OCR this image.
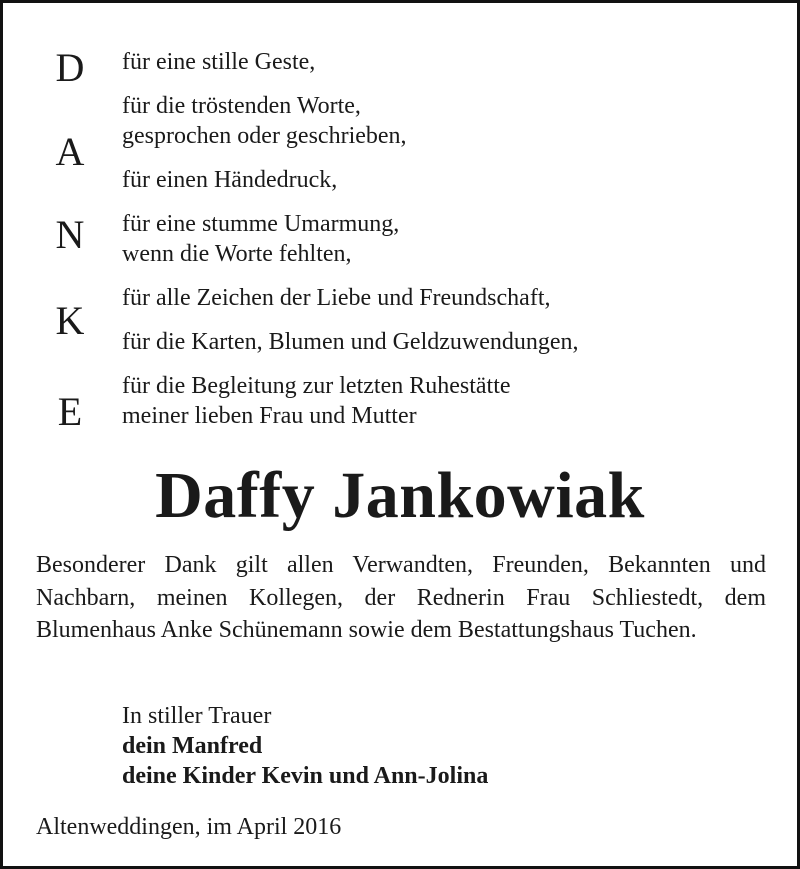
D
A
N
K
E
für eine stille Geste,
für die tröstenden Worte,
gesprochen oder geschrieben,
für einen Händedruck,
für eine stumme Umarmung,
wenn die Worte fehlten,
für alle Zeichen der Liebe und Freundschaft,
für die Karten, Blumen und Geldzuwendungen,
für die Begleitung zur letzten Ruhestätte
meiner lieben Frau und Mutter
Daffy Jankowiak
Besonderer Dank gilt allen Verwandten, Freunden, Bekannten und Nachbarn, meinen Kollegen, der Rednerin Frau Schliestedt, dem Blumenhaus Anke Schünemann sowie dem Bestattungshaus Tuchen.
In stiller Trauer
dein Manfred
deine Kinder Kevin und Ann-Jolina
Altenweddingen, im April 2016
